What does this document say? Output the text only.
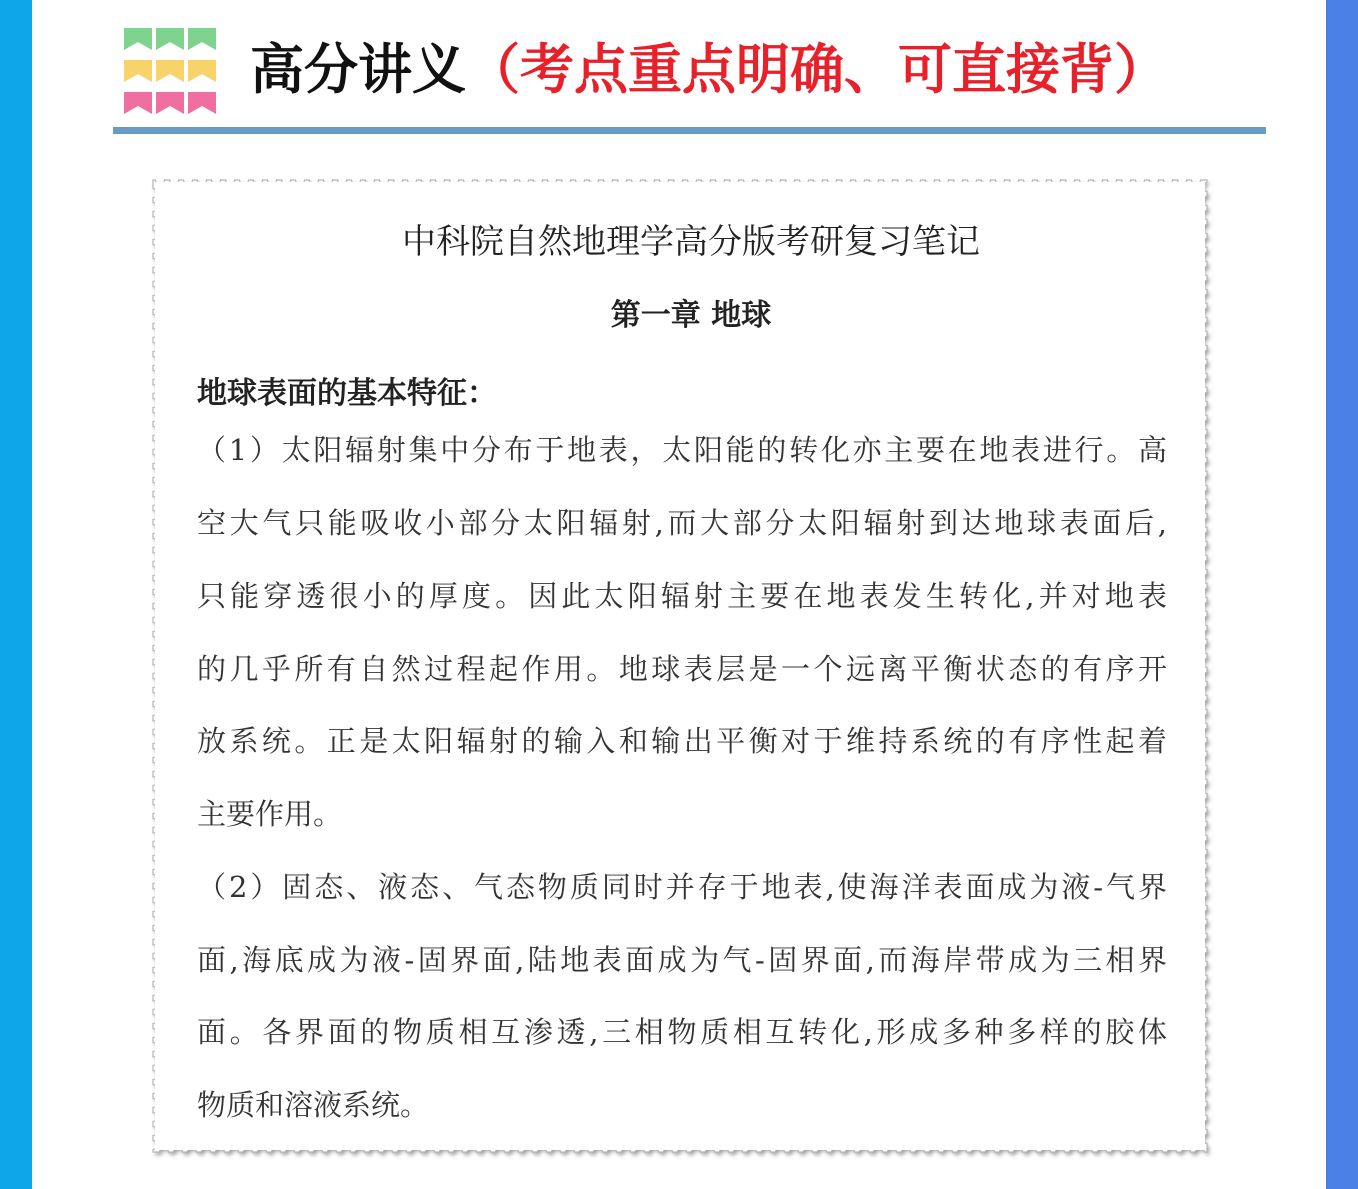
高分讲义（考点重点明确、可直接背）
中科院自然地理学高分版考研复习笔记
第一章 地球
地球表面的基本特征：
（1）太阳辐射集中分布于地表，太阳能的转化亦主要在地表进行。高
空大气只能吸收小部分太阳辐射,而大部分太阳辐射到达地球表面后,
只能穿透很小的厚度。因此太阳辐射主要在地表发生转化,并对地表
的几乎所有自然过程起作用。地球表层是一个远离平衡状态的有序开
放系统。正是太阳辐射的输入和输出平衡对于维持系统的有序性起着
主要作用。
（2）固态、液态、气态物质同时并存于地表,使海洋表面成为液-气界
面,海底成为液-固界面,陆地表面成为气-固界面,而海岸带成为三相界
面。各界面的物质相互渗透,三相物质相互转化,形成多种多样的胶体
物质和溶液系统。
